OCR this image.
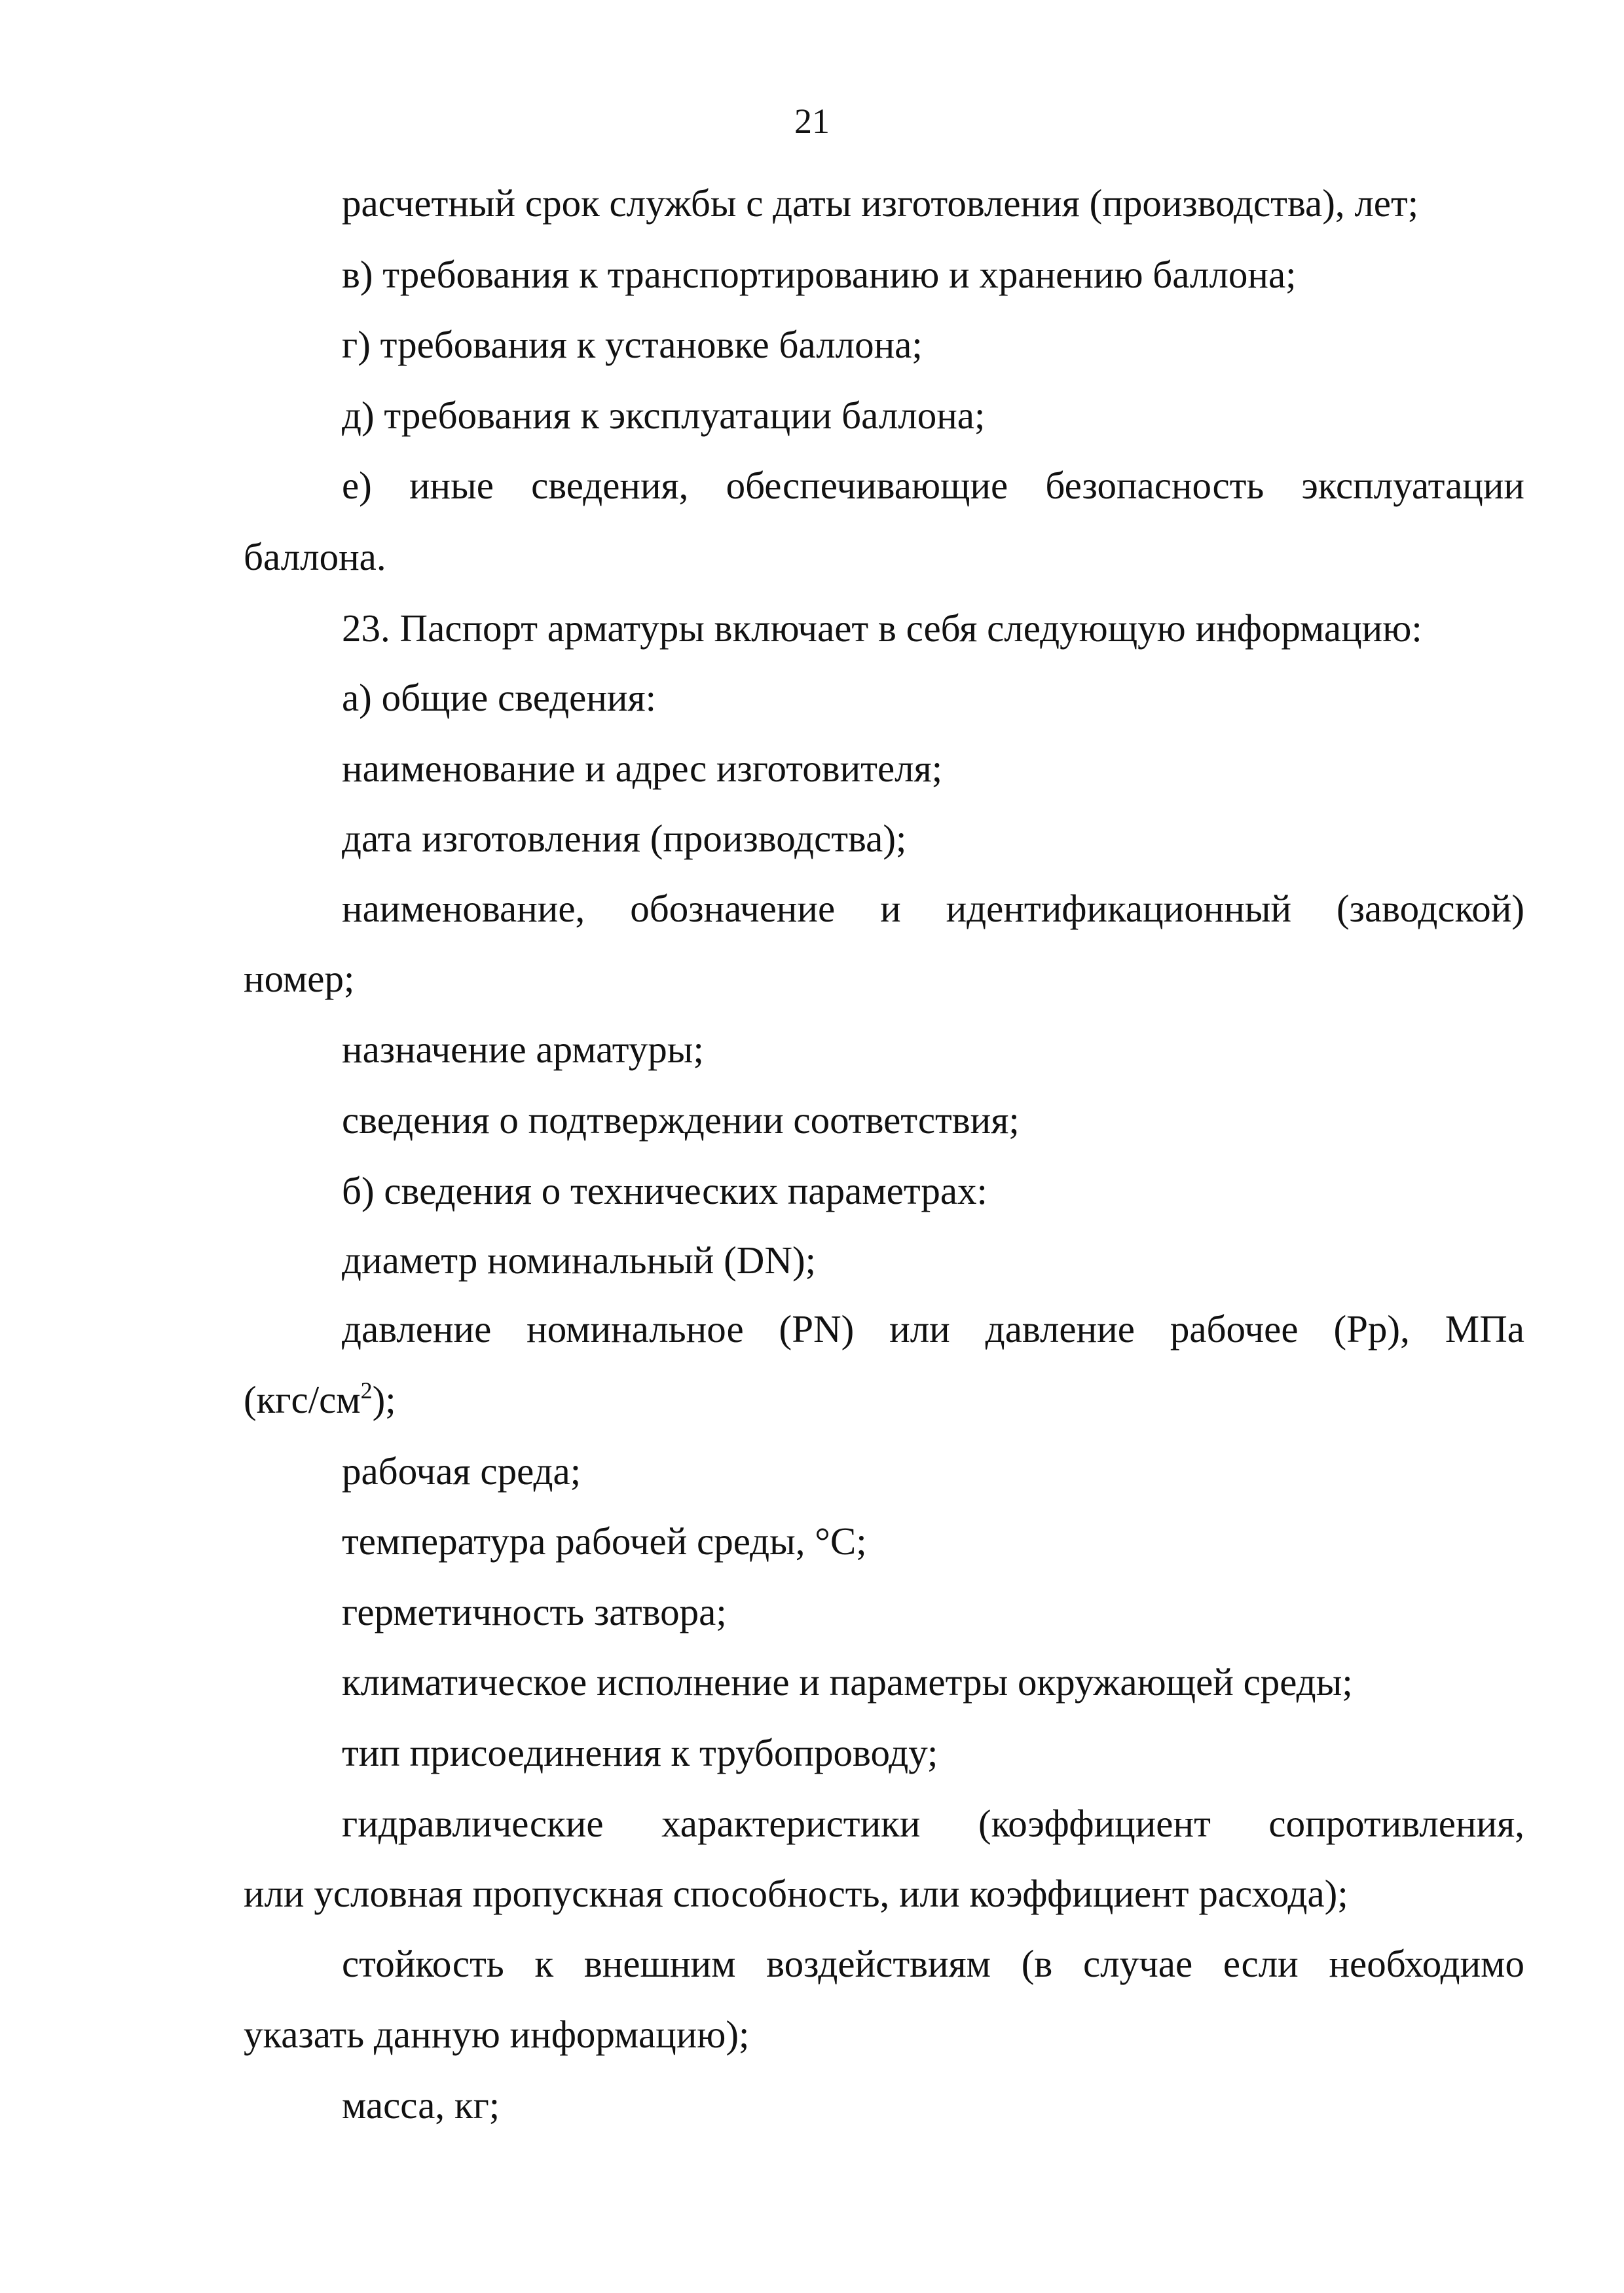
21
расчетный срок службы с даты изготовления (производства), лет;
в) требования к транспортированию и хранению баллона;
г) требования к установке баллона;
д) требования к эксплуатации баллона;
е) иные сведения, обеспечивающие безопасность эксплуатации
баллона.
23. Паспорт арматуры включает в себя следующую информацию:
а) общие сведения:
наименование и адрес изготовителя;
дата изготовления (производства);
наименование, обозначение и идентификационный (заводской)
номер;
назначение арматуры;
сведения о подтверждении соответствия;
б) сведения о технических параметрах:
диаметр номинальный (DN);
давление номинальное (PN) или давление рабочее (Pр), МПа
$(кгс/см^2)$;
рабочая среда;
температура рабочей среды, °С;
герметичность затвора;
климатическое исполнение и параметры окружающей среды;
тип присоединения к трубопроводу;
гидравлические характеристики (коэффициент сопротивления,
или условная пропускная способность, или коэффициент расхода);
стойкость к внешним воздействиям (в случае если необходимо
указать данную информацию);
масса, кг;
